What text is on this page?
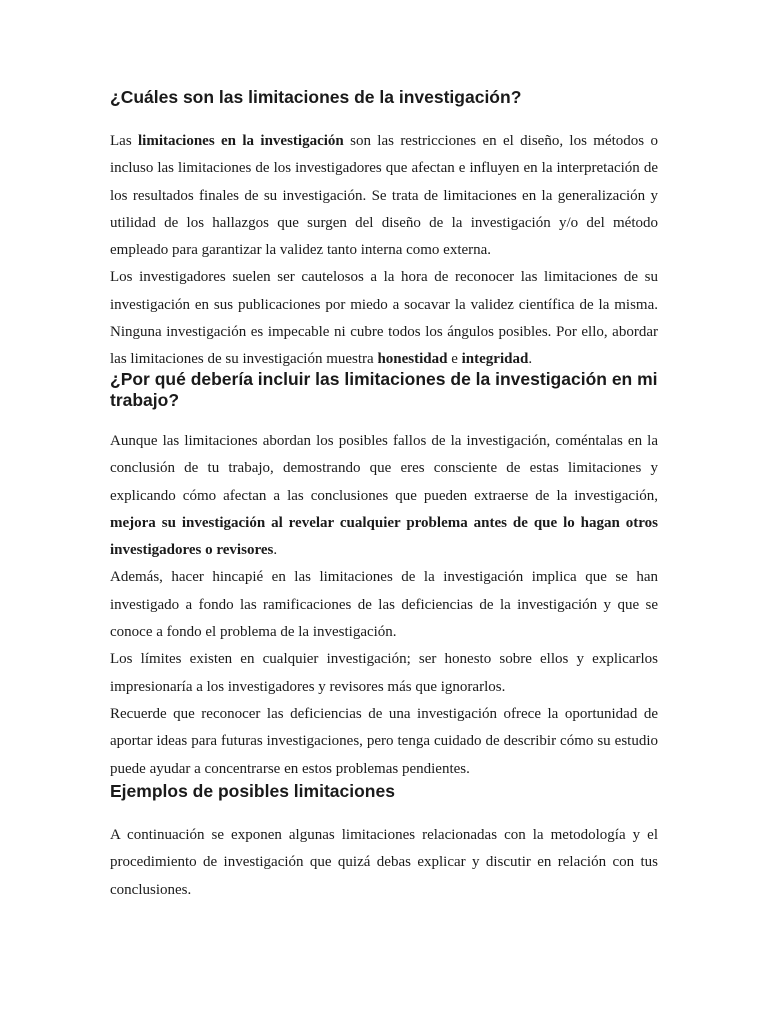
¿Cuáles son las limitaciones de la investigación?

Las limitaciones en la investigación son las restricciones en el diseño, los métodos o incluso las limitaciones de los investigadores que afectan e influyen en la interpretación de los resultados finales de su investigación. Se trata de limitaciones en la generalización y utilidad de los hallazgos que surgen del diseño de la investigación y/o del método empleado para garantizar la validez tanto interna como externa.

Los investigadores suelen ser cautelosos a la hora de reconocer las limitaciones de su investigación en sus publicaciones por miedo a socavar la validez científica de la misma. Ninguna investigación es impecable ni cubre todos los ángulos posibles. Por ello, abordar las limitaciones de su investigación muestra honestidad e integridad.

¿Por qué debería incluir las limitaciones de la investigación en mi trabajo?

Aunque las limitaciones abordan los posibles fallos de la investigación, coméntalas en la conclusión de tu trabajo, demostrando que eres consciente de estas limitaciones y explicando cómo afectan a las conclusiones que pueden extraerse de la investigación, mejora su investigación al revelar cualquier problema antes de que lo hagan otros investigadores o revisores.

Además, hacer hincapié en las limitaciones de la investigación implica que se han investigado a fondo las ramificaciones de las deficiencias de la investigación y que se conoce a fondo el problema de la investigación.

Los límites existen en cualquier investigación; ser honesto sobre ellos y explicarlos impresionaría a los investigadores y revisores más que ignorarlos.

Recuerde que reconocer las deficiencias de una investigación ofrece la oportunidad de aportar ideas para futuras investigaciones, pero tenga cuidado de describir cómo su estudio puede ayudar a concentrarse en estos problemas pendientes.

Ejemplos de posibles limitaciones

A continuación se exponen algunas limitaciones relacionadas con la metodología y el procedimiento de investigación que quizá debas explicar y discutir en relación con tus conclusiones.
